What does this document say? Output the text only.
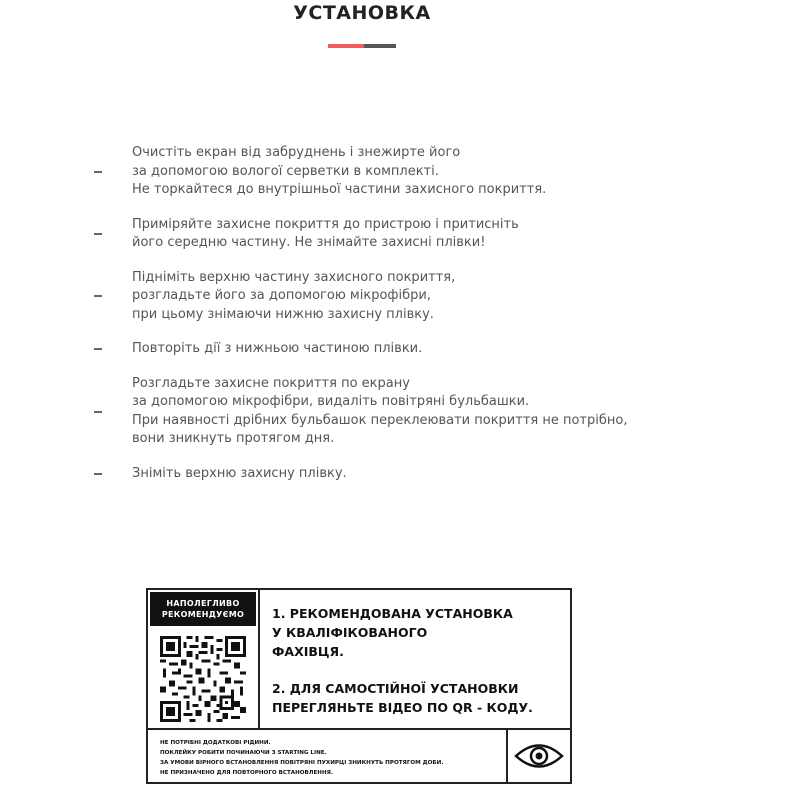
УСТАНОВКА
Очистіть екран від забруднень і знежирте його
за допомогою вологої серветки в комплекті.
Не торкайтеся до внутрішньої частини захисного покриття.
Приміряйте захисне покриття до пристрою і притисніть
його середню частину. Не знімайте захисні плівки!
Підніміть верхню частину захисного покриття,
розгладьте його за допомогою мікрофібри,
при цьому знімаючи нижню захисну плівку.
Повторіть дії з нижньою частиною плівки.
Розгладьте захисне покриття по екрану
за допомогою мікрофібри, видаліть повітряні бульбашки.
При наявності дрібних бульбашок переклеювати покриття не потрібно,
вони зникнуть протягом дня.
Зніміть верхню захисну плівку.
НАПОЛЕГЛИВО
РЕКОМЕНДУЄМО	1. РЕКОМЕНДОВАНА УСТАНОВКА
У КВАЛІФІКОВАНОГО
ФАХІВЦЯ.
2. ДЛЯ САМОСТІЙНОЇ УСТАНОВКИ
ПЕРЕГЛЯНЬТЕ ВІДЕО ПО QR - КОДУ.
НЕ ПОТРІБНІ ДОДАТКОВІ РІДИНИ.
ПОКЛЕЙКУ РОБИТИ ПОЧИНАЮЧИ З STARTING LINE.
ЗА УМОВИ ВІРНОГО ВСТАНОВЛЕННЯ ПОВІТРЯНІ ПУХИРЦІ ЗНИКНУТЬ ПРОТЯГОМ ДОБИ.
НЕ ПРИЗНАЧЕНО ДЛЯ ПОВТОРНОГО ВСТАНОВЛЕННЯ.
